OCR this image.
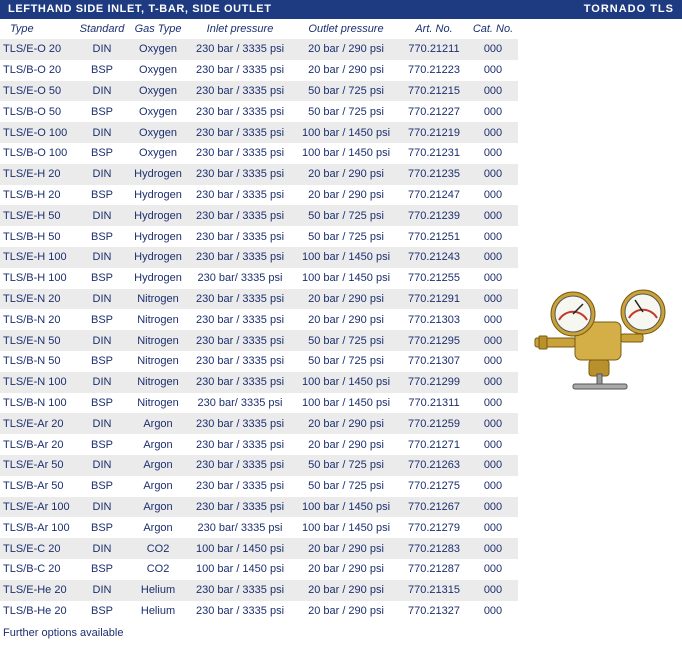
LEFTHAND SIDE INLET, T-BAR, SIDE OUTLET	TORNADO TLS
Type	Standard	Gas Type	Inlet pressure	Outlet pressure	Art. No.	Cat. No.
TLS/E-O 20	DIN	Oxygen	230 bar / 3335 psi	20 bar / 290 psi	770.21211	000
TLS/B-O 20	BSP	Oxygen	230 bar / 3335 psi	20 bar / 290 psi	770.21223	000
TLS/E-O 50	DIN	Oxygen	230 bar / 3335 psi	50 bar / 725 psi	770.21215	000
TLS/B-O 50	BSP	Oxygen	230 bar / 3335 psi	50 bar / 725 psi	770.21227	000
TLS/E-O 100	DIN	Oxygen	230 bar / 3335 psi	100 bar / 1450 psi	770.21219	000
TLS/B-O 100	BSP	Oxygen	230 bar / 3335 psi	100 bar / 1450 psi	770.21231	000
TLS/E-H 20	DIN	Hydrogen	230 bar / 3335 psi	20 bar / 290 psi	770.21235	000
TLS/B-H 20	BSP	Hydrogen	230 bar / 3335 psi	20 bar / 290 psi	770.21247	000
TLS/E-H 50	DIN	Hydrogen	230 bar / 3335 psi	50 bar / 725 psi	770.21239	000
TLS/B-H 50	BSP	Hydrogen	230 bar / 3335 psi	50 bar / 725 psi	770.21251	000
TLS/E-H 100	DIN	Hydrogen	230 bar / 3335 psi	100 bar / 1450 psi	770.21243	000
TLS/B-H 100	BSP	Hydrogen	230 bar/ 3335 psi	100 bar / 1450 psi	770.21255	000
TLS/E-N 20	DIN	Nitrogen	230 bar / 3335 psi	20 bar / 290 psi	770.21291	000
TLS/B-N 20	BSP	Nitrogen	230 bar / 3335 psi	20 bar / 290 psi	770.21303	000
TLS/E-N 50	DIN	Nitrogen	230 bar / 3335 psi	50 bar / 725 psi	770.21295	000
TLS/B-N 50	BSP	Nitrogen	230 bar / 3335 psi	50 bar / 725 psi	770.21307	000
TLS/E-N 100	DIN	Nitrogen	230 bar / 3335 psi	100 bar / 1450 psi	770.21299	000
TLS/B-N 100	BSP	Nitrogen	230 bar/ 3335 psi	100 bar / 1450 psi	770.21311	000
TLS/E-Ar 20	DIN	Argon	230 bar / 3335 psi	20 bar / 290 psi	770.21259	000
TLS/B-Ar 20	BSP	Argon	230 bar / 3335 psi	20 bar / 290 psi	770.21271	000
TLS/E-Ar 50	DIN	Argon	230 bar / 3335 psi	50 bar / 725 psi	770.21263	000
TLS/B-Ar 50	BSP	Argon	230 bar / 3335 psi	50 bar / 725 psi	770.21275	000
TLS/E-Ar 100	DIN	Argon	230 bar / 3335 psi	100 bar / 1450 psi	770.21267	000
TLS/B-Ar 100	BSP	Argon	230 bar/ 3335 psi	100 bar / 1450 psi	770.21279	000
TLS/E-C 20	DIN	CO2	100 bar / 1450 psi	20 bar / 290 psi	770.21283	000
TLS/B-C 20	BSP	CO2	100 bar / 1450 psi	20 bar / 290 psi	770.21287	000
TLS/E-He 20	DIN	Helium	230 bar / 3335 psi	20 bar / 290 psi	770.21315	000
TLS/B-He 20	BSP	Helium	230 bar / 3335 psi	20 bar / 290 psi	770.21327	000
Further options available
